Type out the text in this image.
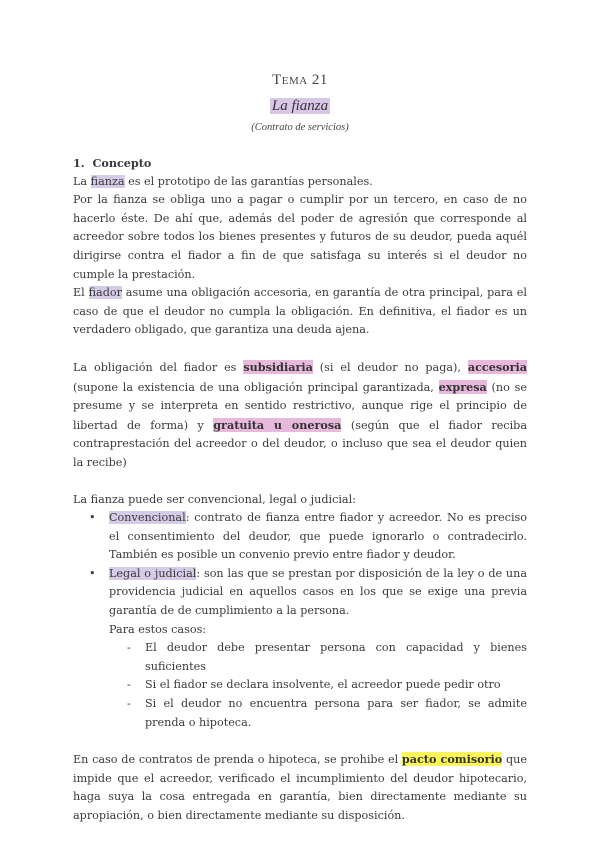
Tema 21
La fianza
(Contrato de servicios)

1.  Concepto

La fianza es el prototipo de las garantías personales.

Por la fianza se obliga uno a pagar o cumplir por un tercero, en caso de no hacerlo éste. De ahí que, además del poder de agresión que corresponde al acreedor sobre todos los bienes presentes y futuros de su deudor, pueda aquél dirigirse contra el fiador a fin de que satisfaga su interés si el deudor no cumple la prestación.

El fiador asume una obligación accesoria, en garantía de otra principal, para el caso de que el deudor no cumpla la obligación. En definitiva, el fiador es un verdadero obligado, que garantiza una deuda ajena.

La obligación del fiador es subsidiaria (si el deudor no paga), accesoria (supone la existencia de una obligación principal garantizada, expresa (no se presume y se interpreta en sentido restrictivo, aunque rige el principio de libertad de forma) y gratuita u onerosa (según que el fiador reciba contraprestación del acreedor o del deudor, o incluso que sea el deudor quien la recibe)

La fianza puede ser convencional, legal o judicial:

• Convencional: contrato de fianza entre fiador y acreedor. No es preciso el consentimiento del deudor, que puede ignorarlo o contradecirlo. También es posible un convenio previo entre fiador y deudor.
• Legal o judicial: son las que se prestan por disposición de la ley o de una providencia judicial en aquellos casos en los que se exige una previa garantía de de cumplimiento a la persona.
Para estos casos:
- El deudor debe presentar persona con capacidad y bienes suficientes
- Si el fiador se declara insolvente, el acreedor puede pedir otro
- Si el deudor no encuentra persona para ser fiador, se admite prenda o hipoteca.

En caso de contratos de prenda o hipoteca, se prohibe el pacto comisorio que impide que el acreedor, verificado el incumplimiento del deudor hipotecario, haga suya la cosa entregada en garantía, bien directamente mediante su apropiación, o bien directamente mediante su disposición.
